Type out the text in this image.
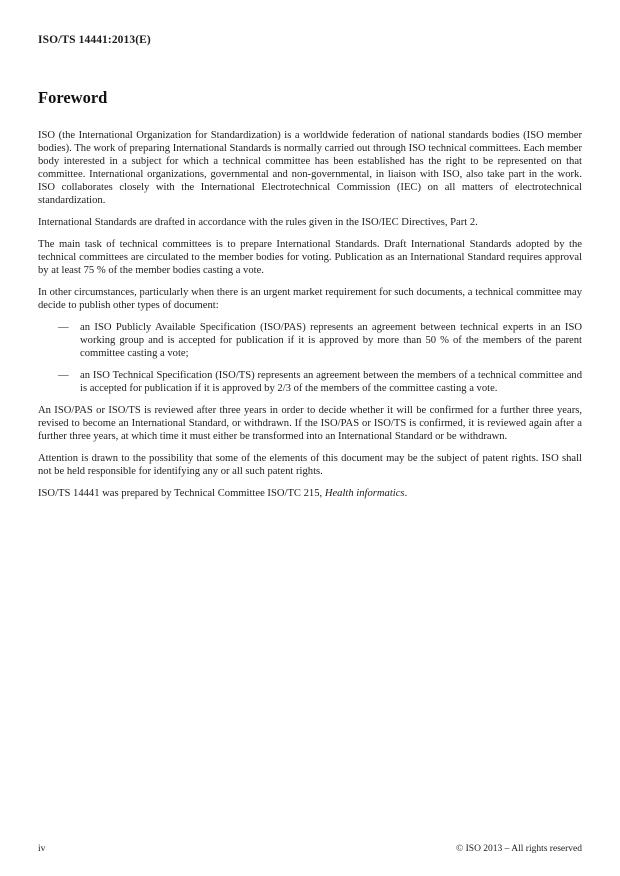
ISO/TS 14441:2013(E)
Foreword

ISO (the International Organization for Standardization) is a worldwide federation of national standards bodies (ISO member bodies). The work of preparing International Standards is normally carried out through ISO technical committees. Each member body interested in a subject for which a technical committee has been established has the right to be represented on that committee. International organizations, governmental and non-governmental, in liaison with ISO, also take part in the work. ISO collaborates closely with the International Electrotechnical Commission (IEC) on all matters of electrotechnical standardization.

International Standards are drafted in accordance with the rules given in the ISO/IEC Directives, Part 2.

The main task of technical committees is to prepare International Standards. Draft International Standards adopted by the technical committees are circulated to the member bodies for voting. Publication as an International Standard requires approval by at least 75 % of the member bodies casting a vote.

In other circumstances, particularly when there is an urgent market requirement for such documents, a technical committee may decide to publish other types of document:

—	an ISO Publicly Available Specification (ISO/PAS) represents an agreement between technical experts in an ISO working group and is accepted for publication if it is approved by more than 50 % of the members of the parent committee casting a vote;
—	an ISO Technical Specification (ISO/TS) represents an agreement between the members of a technical committee and is accepted for publication if it is approved by 2/3 of the members of the committee casting a vote.

An ISO/PAS or ISO/TS is reviewed after three years in order to decide whether it will be confirmed for a further three years, revised to become an International Standard, or withdrawn. If the ISO/PAS or ISO/TS is confirmed, it is reviewed again after a further three years, at which time it must either be transformed into an International Standard or be withdrawn.

Attention is drawn to the possibility that some of the elements of this document may be the subject of patent rights. ISO shall not be held responsible for identifying any or all such patent rights.

ISO/TS 14441 was prepared by Technical Committee ISO/TC 215, Health informatics.

iv	© ISO 2013 – All rights reserved
